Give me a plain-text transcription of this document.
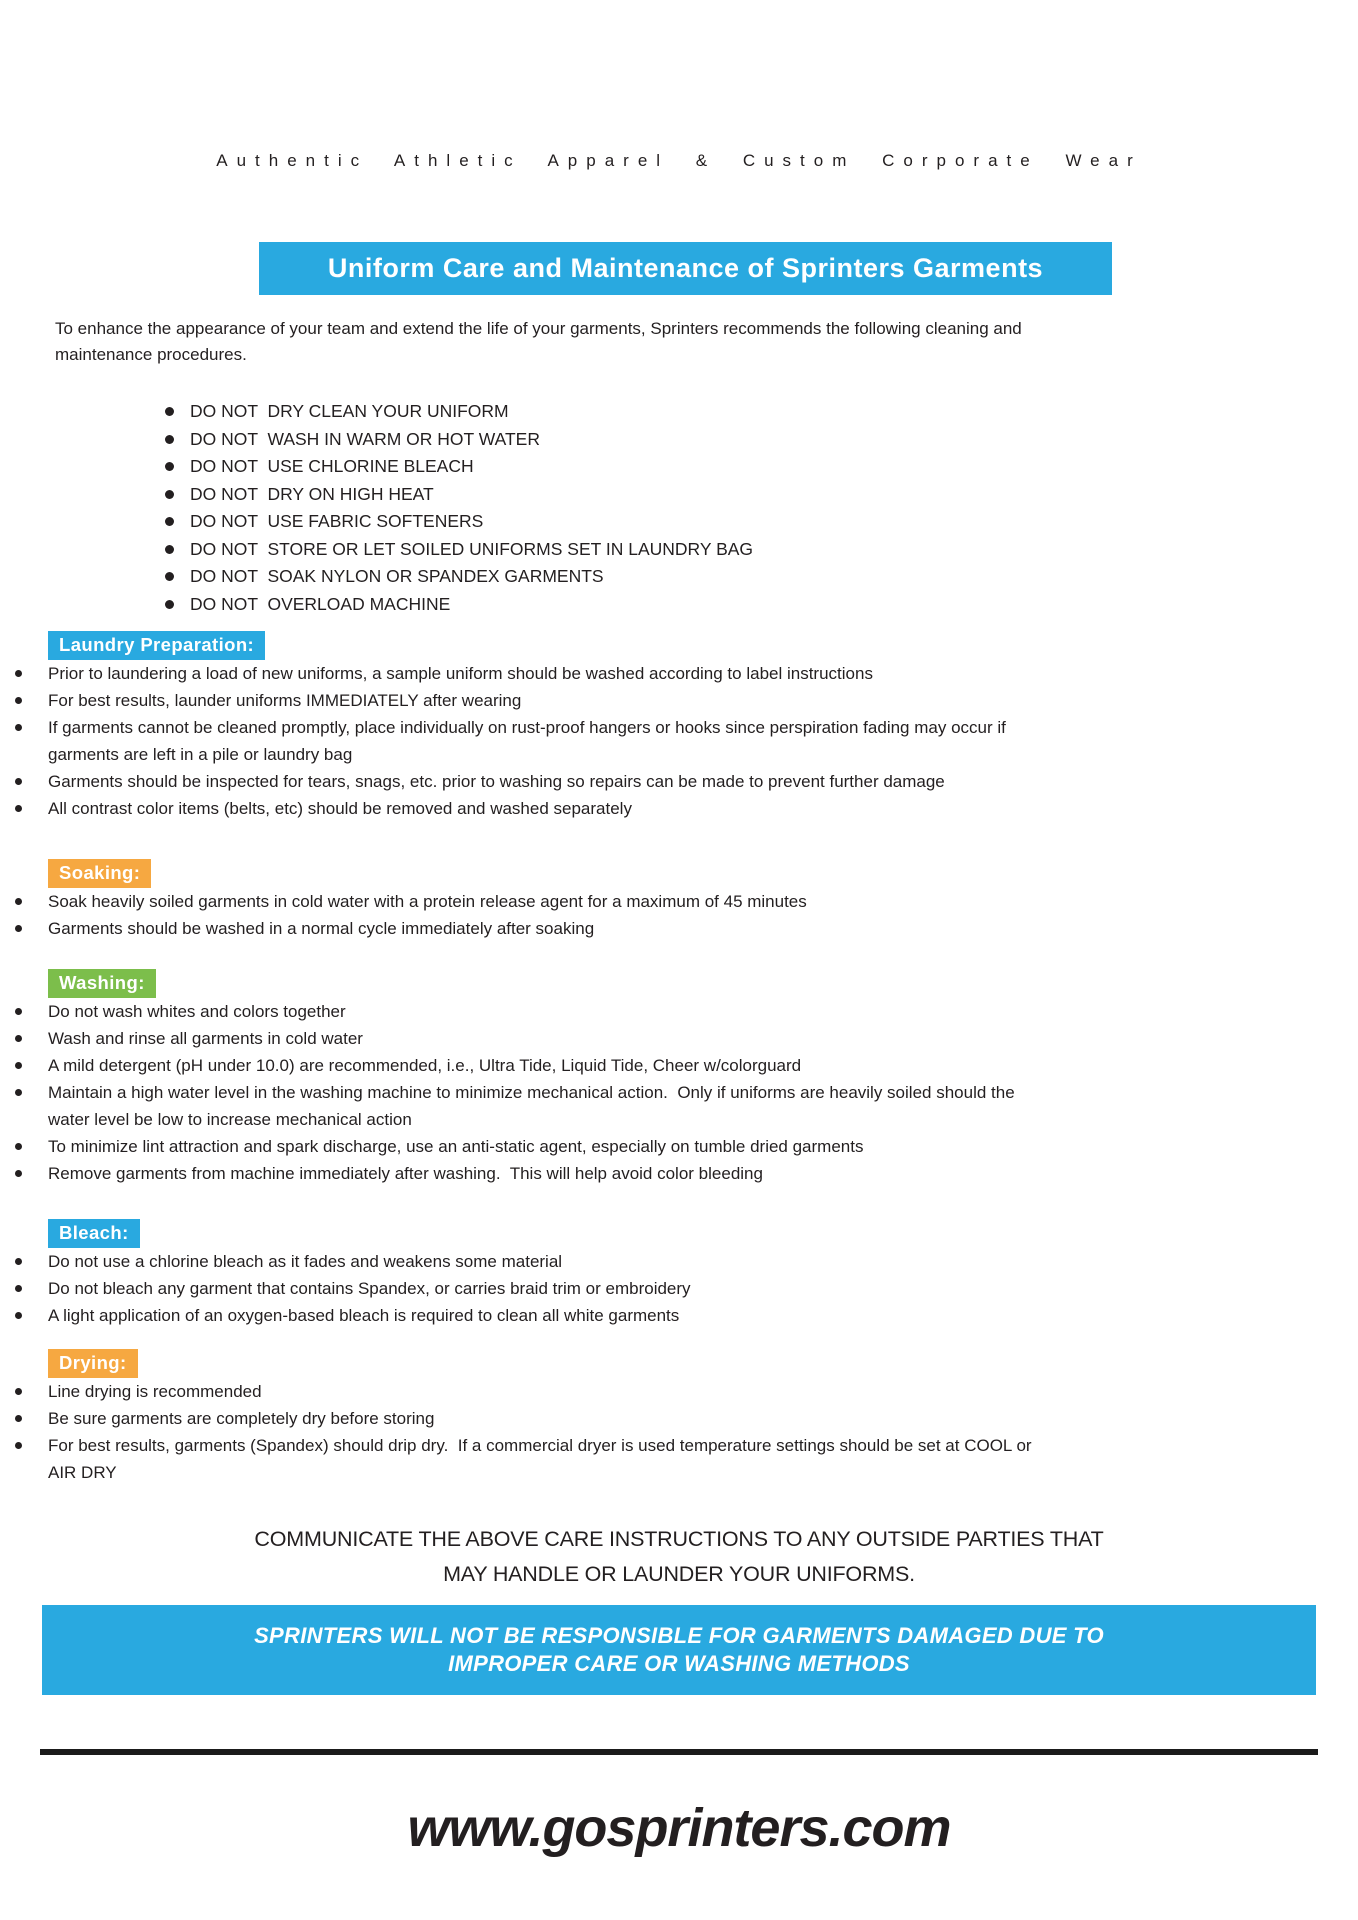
Authentic Athletic Apparel & Custom Corporate Wear
Uniform Care and Maintenance of Sprinters Garments

To enhance the appearance of your team and extend the life of your garments, Sprinters recommends the following cleaning and maintenance procedures.

DO NOT  DRY CLEAN YOUR UNIFORM
DO NOT  WASH IN WARM OR HOT WATER
DO NOT  USE CHLORINE BLEACH
DO NOT  DRY ON HIGH HEAT
DO NOT  USE FABRIC SOFTENERS
DO NOT  STORE OR LET SOILED UNIFORMS SET IN LAUNDRY BAG
DO NOT  SOAK NYLON OR SPANDEX GARMENTS
DO NOT  OVERLOAD MACHINE
Laundry Preparation:
Prior to laundering a load of new uniforms, a sample uniform should be washed according to label instructions
For best results, launder uniforms IMMEDIATELY after wearing
If garments cannot be cleaned promptly, place individually on rust-proof hangers or hooks since perspiration fading may occur if garments are left in a pile or laundry bag
Garments should be inspected for tears, snags, etc. prior to washing so repairs can be made to prevent further damage
All contrast color items (belts, etc) should be removed and washed separately
Soaking:
Soak heavily soiled garments in cold water with a protein release agent for a maximum of 45 minutes
Garments should be washed in a normal cycle immediately after soaking
Washing:
Do not wash whites and colors together
Wash and rinse all garments in cold water
A mild detergent (pH under 10.0) are recommended, i.e., Ultra Tide, Liquid Tide, Cheer w/colorguard
Maintain a high water level in the washing machine to minimize mechanical action.  Only if uniforms are heavily soiled should the water level be low to increase mechanical action
To minimize lint attraction and spark discharge, use an anti-static agent, especially on tumble dried garments
Remove garments from machine immediately after washing.  This will help avoid color bleeding
Bleach:
Do not use a chlorine bleach as it fades and weakens some material
Do not bleach any garment that contains Spandex, or carries braid trim or embroidery
A light application of an oxygen-based bleach is required to clean all white garments
Drying:
Line drying is recommended
Be sure garments are completely dry before storing
For best results, garments (Spandex) should drip dry.  If a commercial dryer is used temperature settings should be set at COOL or AIR DRY
COMMUNICATE THE ABOVE CARE INSTRUCTIONS TO ANY OUTSIDE PARTIES THAT
MAY HANDLE OR LAUNDER YOUR UNIFORMS.
SPRINTERS WILL NOT BE RESPONSIBLE FOR GARMENTS DAMAGED DUE TO
IMPROPER CARE OR WASHING METHODS
www.gosprinters.com
